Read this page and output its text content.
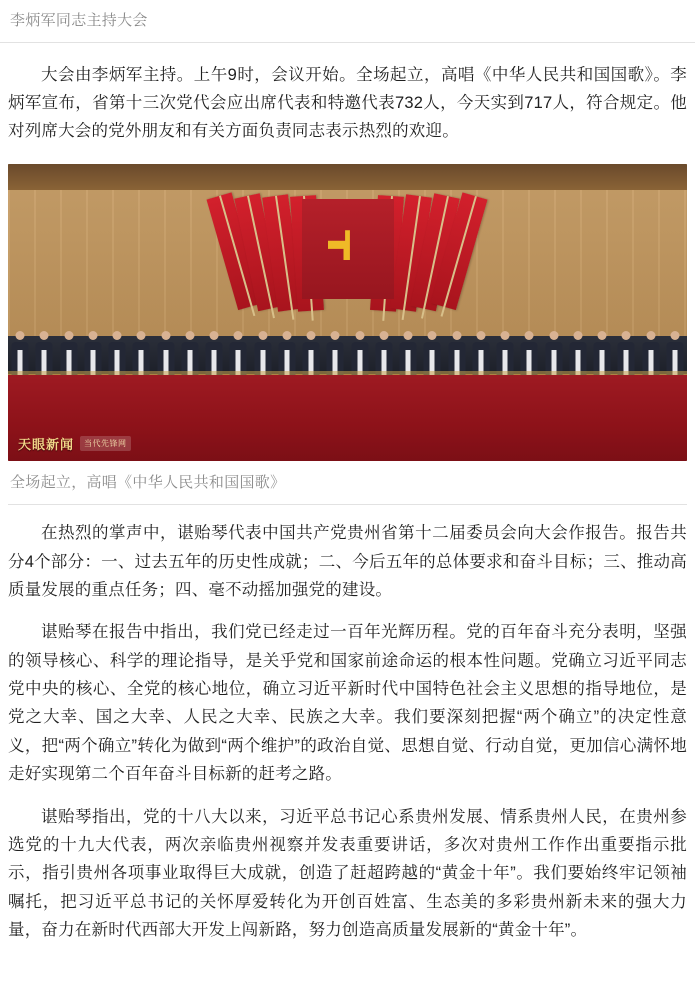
李炳军同志主持大会

大会由李炳军主持。上午9时，会议开始。全场起立，高唱《中华人民共和国国歌》。李炳军宣布，省第十三次党代会应出席代表和特邀代表732人，今天实到717人，符合规定。他对列席大会的党外朋友和有关方面负责同志表示热烈的欢迎。

天眼新闻	当代先锋网
全场起立，高唱《中华人民共和国国歌》

在热烈的掌声中，谌贻琴代表中国共产党贵州省第十二届委员会向大会作报告。报告共分4个部分：一、过去五年的历史性成就；二、今后五年的总体要求和奋斗目标；三、推动高质量发展的重点任务；四、毫不动摇加强党的建设。

谌贻琴在报告中指出，我们党已经走过一百年光辉历程。党的百年奋斗充分表明，坚强的领导核心、科学的理论指导，是关乎党和国家前途命运的根本性问题。党确立习近平同志党中央的核心、全党的核心地位，确立习近平新时代中国特色社会主义思想的指导地位，是党之大幸、国之大幸、人民之大幸、民族之大幸。我们要深刻把握“两个确立”的决定性意义，把“两个确立”转化为做到“两个维护”的政治自觉、思想自觉、行动自觉，更加信心满怀地走好实现第二个百年奋斗目标新的赶考之路。

谌贻琴指出，党的十八大以来，习近平总书记心系贵州发展、情系贵州人民，在贵州参选党的十九大代表，两次亲临贵州视察并发表重要讲话，多次对贵州工作作出重要指示批示，指引贵州各项事业取得巨大成就，创造了赶超跨越的“黄金十年”。我们要始终牢记领袖嘱托，把习近平总书记的关怀厚爱转化为开创百姓富、生态美的多彩贵州新未来的强大力量，奋力在新时代西部大开发上闯新路，努力创造高质量发展新的“黄金十年”。
